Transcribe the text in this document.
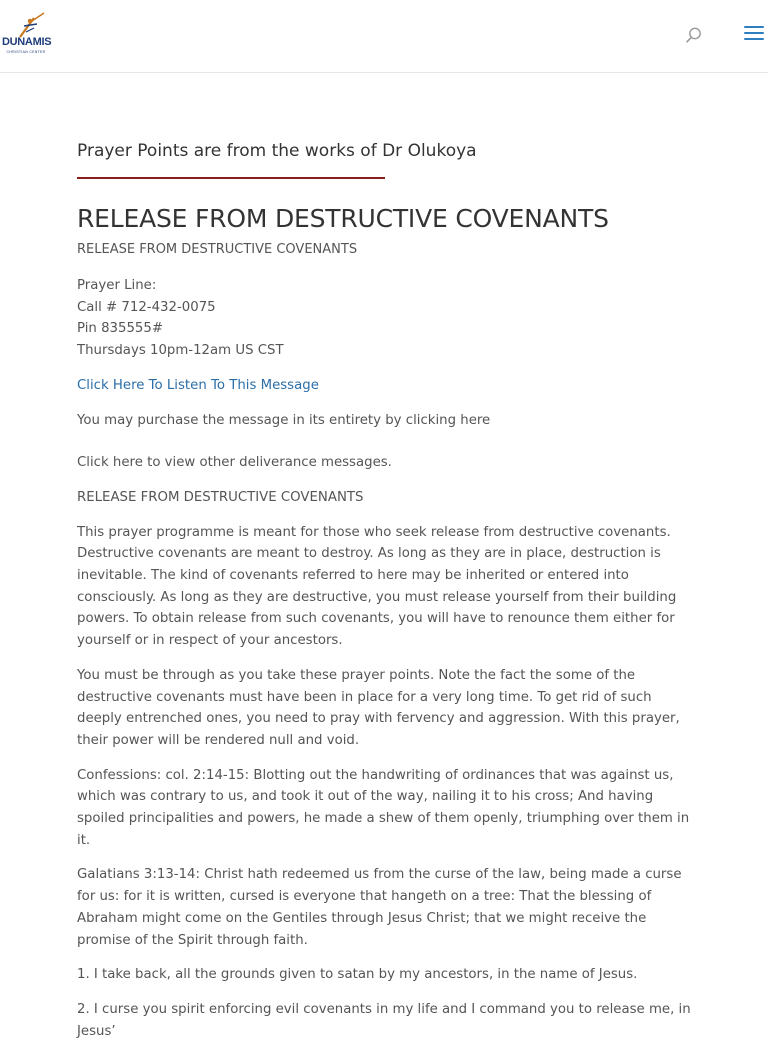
DUNAMIS
CHRISTIAN CENTER
Prayer Points are from the works of Dr Olukoya
RELEASE FROM DESTRUCTIVE COVENANTS
RELEASE FROM DESTRUCTIVE COVENANTS

Prayer Line:

Call # 712-432-0075

Pin 835555#

Thursdays 10pm-12am US CST

Click Here To Listen To This Message

You may purchase the message in its entirety by clicking here

Click here to view other deliverance messages.

RELEASE FROM DESTRUCTIVE COVENANTS

This prayer programme is meant for those who seek release from destructive covenants. Destructive covenants are meant to destroy. As long as they are in place, destruction is inevitable. The kind of covenants referred to here may be inherited or entered into consciously. As long as they are destructive, you must release yourself from their building powers. To obtain release from such covenants, you will have to renounce them either for yourself or in respect of your ancestors.

You must be through as you take these prayer points. Note the fact the some of the destructive covenants must have been in place for a very long time. To get rid of such deeply entrenched ones, you need to pray with fervency and aggression. With this prayer, their power will be rendered null and void.

Confessions: col. 2:14-15: Blotting out the handwriting of ordinances that was against us, which was contrary to us, and took it out of the way, nailing it to his cross; And having spoiled principalities and powers, he made a shew of them openly, triumphing over them in it.

Galatians 3:13-14: Christ hath redeemed us from the curse of the law, being made a curse for us: for it is written, cursed is everyone that hangeth on a tree: That the blessing of Abraham might come on the Gentiles through Jesus Christ; that we might receive the promise of the Spirit through faith.

1. I take back, all the grounds given to satan by my ancestors, in the name of Jesus.

2. I curse you spirit enforcing evil covenants in my life and I command you to release me, in Jesus’
